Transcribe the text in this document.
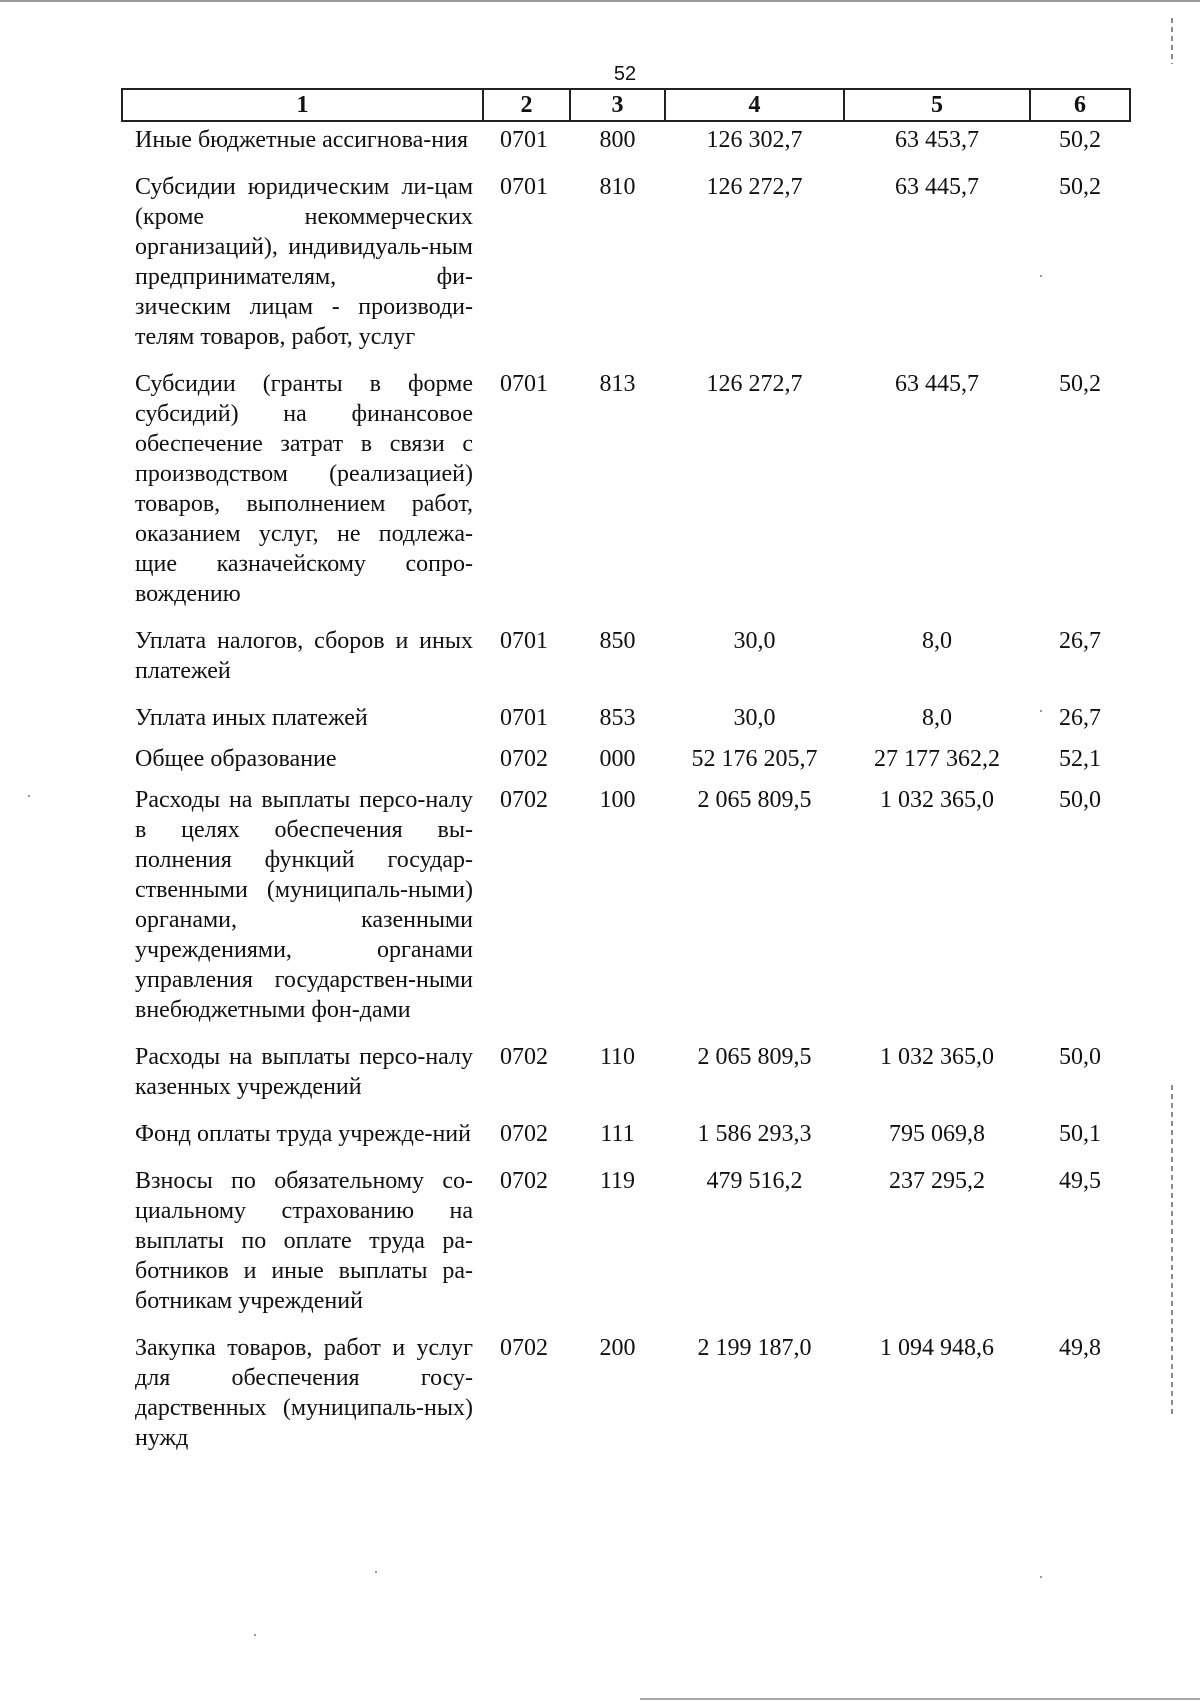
52
1	2	3	4	5	6
Иные бюджетные ассигнова-ния	0701	800	126 302,7	63 453,7	50,2
Субсидии юридическим ли-цам (кроме некоммерческих организаций), индивидуаль-ным предпринимателям, фи-зическим лицам - производи-телям товаров, работ, услуг	0701	810	126 272,7	63 445,7	50,2
Субсидии (гранты в форме субсидий) на финансовое обеспечение затрат в связи с производством (реализацией) товаров, выполнением работ, оказанием услуг, не подлежа-щие казначейскому сопро-вождению	0701	813	126 272,7	63 445,7	50,2
Уплата налогов, сборов и иных платежей	0701	850	30,0	8,0	26,7
Уплата иных платежей	0701	853	30,0	8,0	26,7
Общее образование	0702	000	52 176 205,7	27 177 362,2	52,1
Расходы на выплаты персо-налу в целях обеспечения вы-полнения функций государ-ственными (муниципаль-ными) органами, казенными учреждениями, органами управления государствен-ными внебюджетными фон-дами	0702	100	2 065 809,5	1 032 365,0	50,0
Расходы на выплаты персо-налу казенных учреждений	0702	110	2 065 809,5	1 032 365,0	50,0
Фонд оплаты труда учрежде-ний	0702	111	1 586 293,3	795 069,8	50,1
Взносы по обязательному со-циальному страхованию на выплаты по оплате труда ра-ботников и иные выплаты ра-ботникам учреждений	0702	119	479 516,2	237 295,2	49,5
Закупка товаров, работ и услуг для обеспечения госу-дарственных (муниципаль-ных) нужд	0702	200	2 199 187,0	1 094 948,6	49,8
